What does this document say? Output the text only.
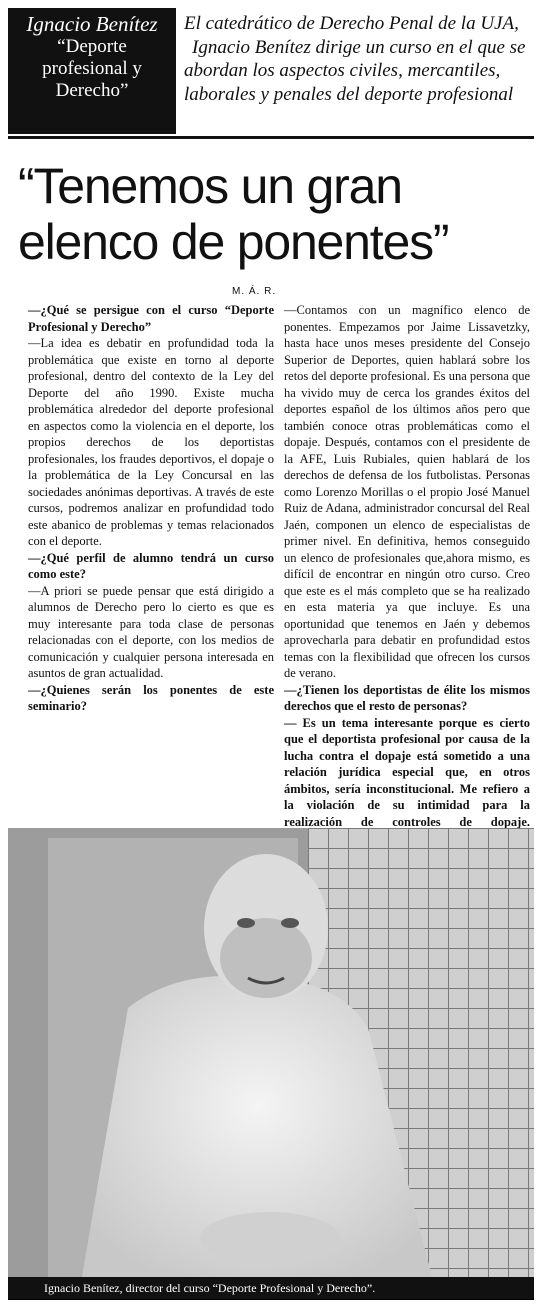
Ignacio Benítez
“Deporte
profesional y
Derecho”
El catedrático de Derecho Penal de la UJA,
Ignacio Benítez dirige un curso en el que se
abordan los aspectos civiles, mercantiles,
laborales y penales del deporte profesional
“Tenemos un gran
elenco de ponentes”
M. Á. R.

—¿Qué se persigue con el curso “Deporte Profesional y Derecho”

—La idea es debatir en profundidad toda la problemática que existe en torno al deporte profesional, dentro del contexto de la Ley del Deporte del año 1990. Existe mucha problemática alrededor del deporte profesional en aspectos como la violencia en el deporte, los propios derechos de los deportistas profesionales, los fraudes deportivos, el dopaje o la problemática de la Ley Concursal en las sociedades anónimas deportivas. A través de este cursos, podremos analizar en profundidad todo este abanico de problemas y temas relacionados con el deporte.

—¿Qué perfil de alumno tendrá un curso como este?

—A priori se puede pensar que está dirigido a alumnos de Derecho pero lo cierto es que es muy interesante para toda clase de personas relacionadas con el deporte, con los medios de comunicación y cualquier persona interesada en asuntos de gran actualidad.

—¿Quienes serán los ponentes de este seminario?

—Contamos con un magnífico elenco de ponentes. Empezamos por Jaime Lissavetzky, hasta hace unos meses presidente del Consejo Superior de Deportes, quien hablará sobre los retos del deporte profesional. Es una persona que ha vivido muy de cerca los grandes éxitos del deportes español de los últimos años pero que también conoce otras problemáticas como el dopaje. Después, contamos con el presidente de la AFE, Luis Rubiales, quien hablará de los derechos de defensa de los futbolistas. Personas como Lorenzo Morillas o el propio José Manuel Ruiz de Adana, administrador concursal del Real Jaén, componen un elenco de especialistas de primer nivel. En definitiva, hemos conseguido un elenco de profesionales que,ahora mismo, es difícil de encontrar en ningún otro curso. Creo que este es el más completo que se ha realizado en esta materia ya que incluye. Es una oportunidad que tenemos en Jaén y debemos aprovecharla para debatir en profundidad estos temas con la flexibilidad que ofrecen los cursos de verano.

—¿Tienen los deportistas de élite los mismos derechos que el resto de personas?

— Es un tema interesante porque es cierto que el deportista profesional por causa de la lucha contra el dopaje está sometido a una relación jurídica especial que, en otros ámbitos, sería inconstitucional. Me refiero a la violación de su intimidad para la realización de controles de dopaje.

Ignacio Benítez, director del curso “Deporte Profesional y Derecho”.
